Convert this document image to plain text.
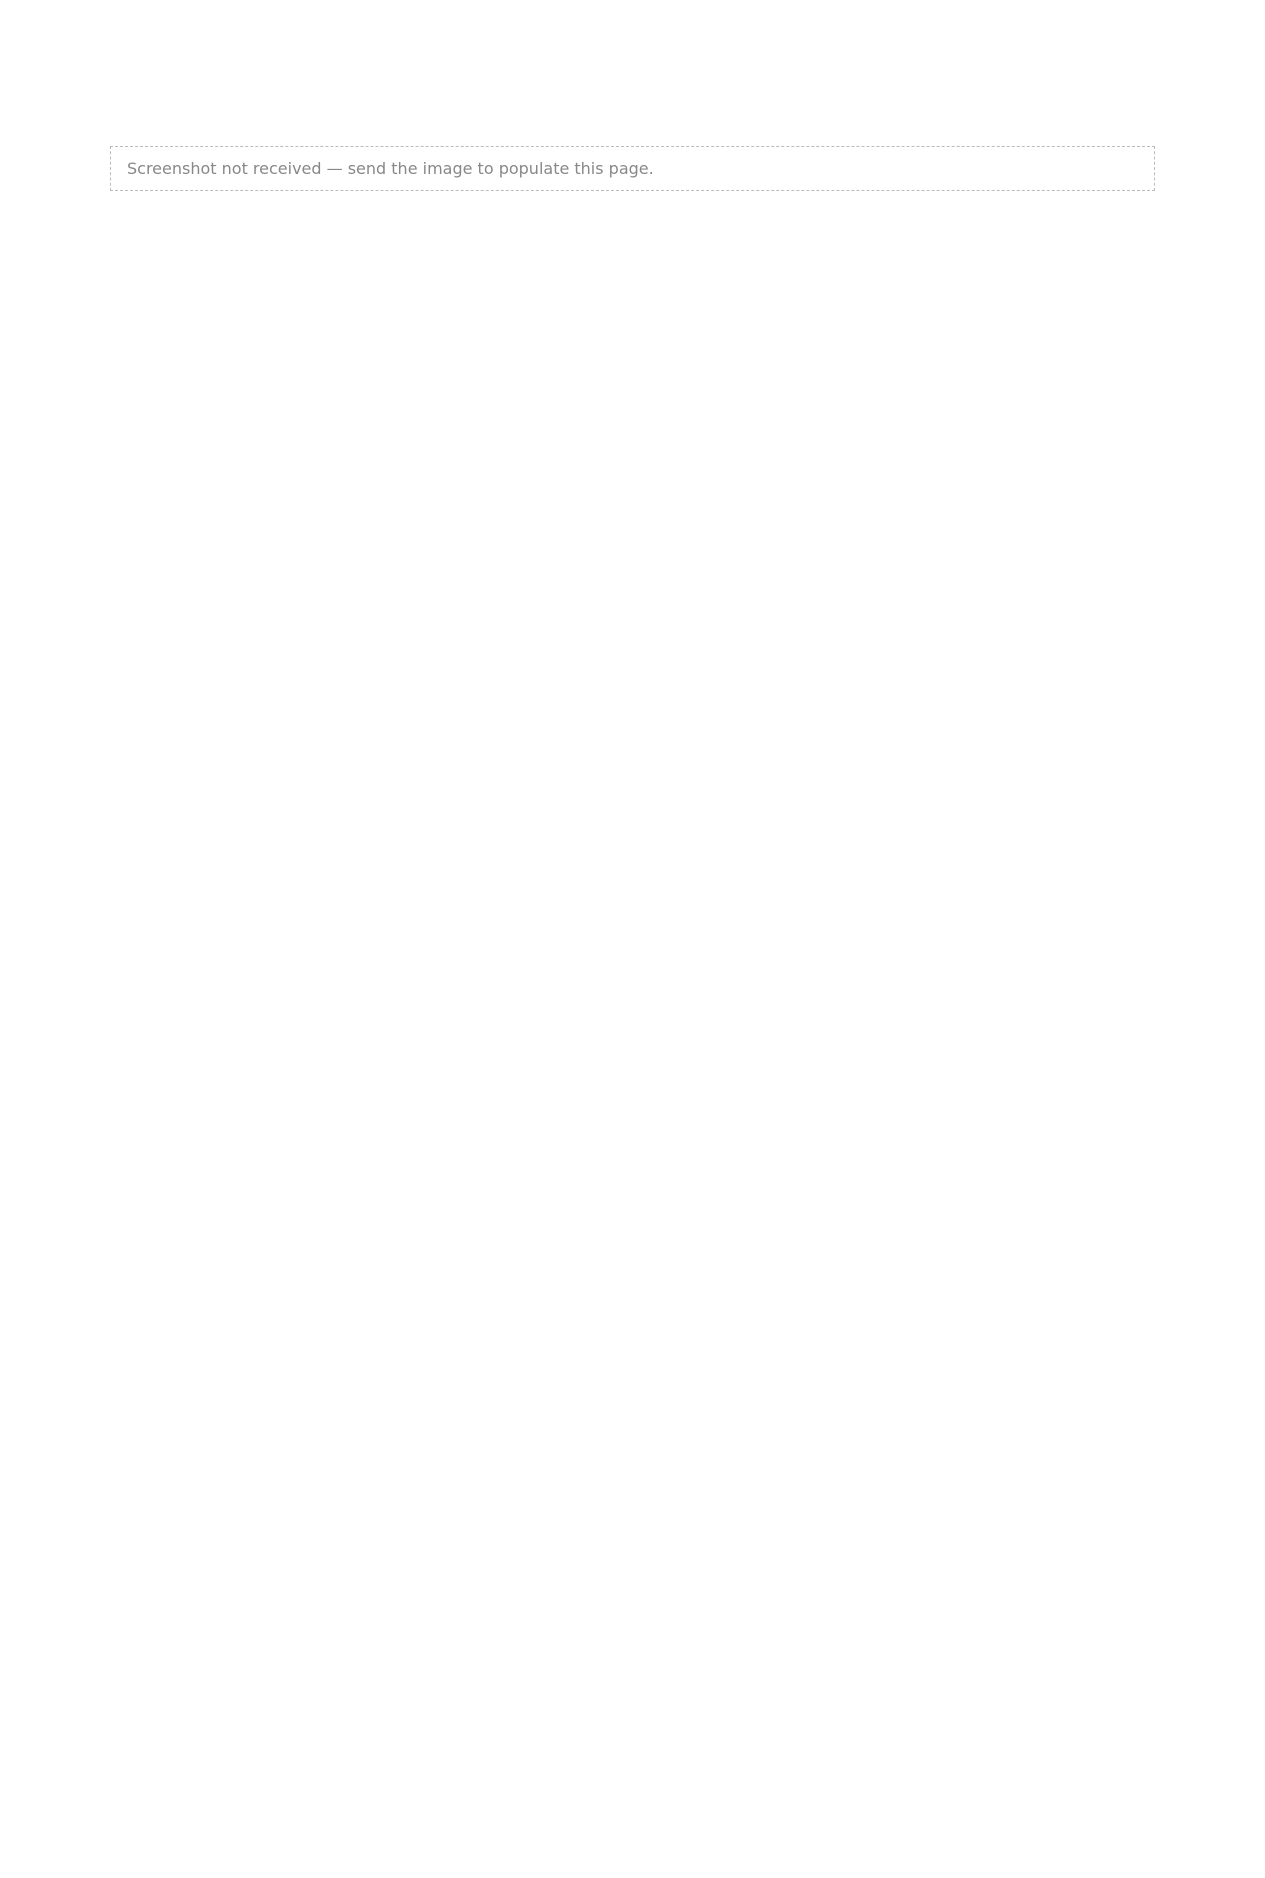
Screenshot not received — send the image to populate this page.
